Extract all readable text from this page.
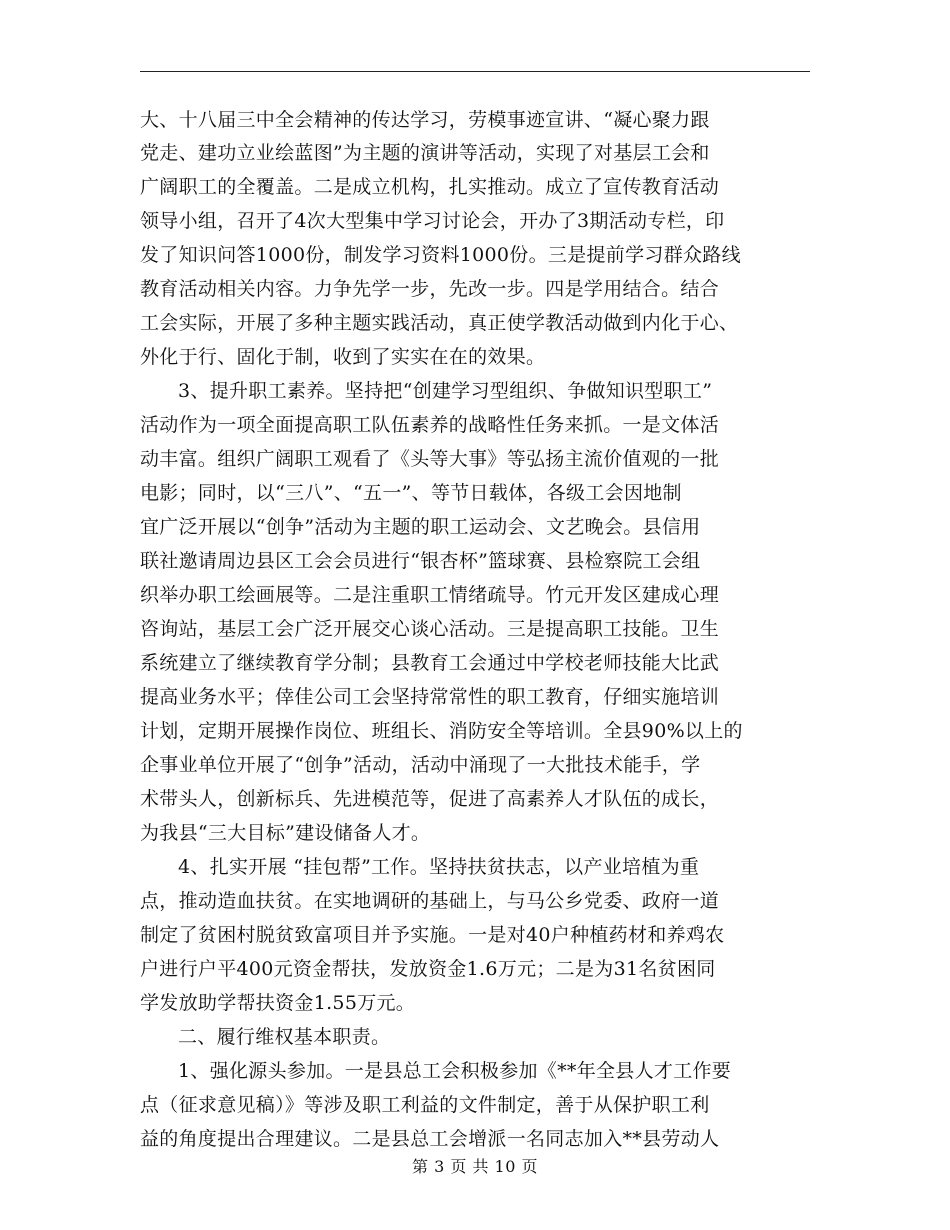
大、十八届三中全会精神的传达学习，劳模事迹宣讲、“凝心聚力跟
党走、建功立业绘蓝图”为主题的演讲等活动，实现了对基层工会和
广阔职工的全覆盖。二是成立机构，扎实推动。成立了宣传教育活动
领导小组，召开了4次大型集中学习讨论会，开办了3期活动专栏，印
发了知识问答1000份，制发学习资料1000份。三是提前学习群众路线
教育活动相关内容。力争先学一步，先改一步。四是学用结合。结合
工会实际，开展了多种主题实践活动，真正使学教活动做到内化于心、
外化于行、固化于制，收到了实实在在的效果。
3、提升职工素养。坚持把“创建学习型组织、争做知识型职工”
活动作为一项全面提高职工队伍素养的战略性任务来抓。一是文体活
动丰富。组织广阔职工观看了《头等大事》等弘扬主流价值观的一批
电影；同时，以“三八”、“五一”、等节日载体，各级工会因地制
宜广泛开展以“创争”活动为主题的职工运动会、文艺晚会。县信用
联社邀请周边县区工会会员进行“银杏杯”篮球赛、县检察院工会组
织举办职工绘画展等。二是注重职工情绪疏导。竹元开发区建成心理
咨询站，基层工会广泛开展交心谈心活动。三是提高职工技能。卫生
系统建立了继续教育学分制；县教育工会通过中学校老师技能大比武
提高业务水平；倖佳公司工会坚持常常性的职工教育，仔细实施培训
计划，定期开展操作岗位、班组长、消防安全等培训。全县90%以上的
企事业单位开展了“创争”活动，活动中涌现了一大批技术能手，学
术带头人，创新标兵、先进模范等，促进了高素养人才队伍的成长，
为我县“三大目标”建设储备人才。
4、扎实开展 “挂包帮”工作。坚持扶贫扶志，以产业培植为重
点，推动造血扶贫。在实地调研的基础上，与马公乡党委、政府一道
制定了贫困村脱贫致富项目并予实施。一是对40户种植药材和养鸡农
户进行户平400元资金帮扶，发放资金1.6万元；二是为31名贫困同
学发放助学帮扶资金1.55万元。
二、履行维权基本职责。
1、强化源头参加。一是县总工会积极参加《**年全县人才工作要
点（征求意见稿）》等涉及职工利益的文件制定，善于从保护职工利
益的角度提出合理建议。二是县总工会增派一名同志加入**县劳动人
第 3 页 共 10 页
